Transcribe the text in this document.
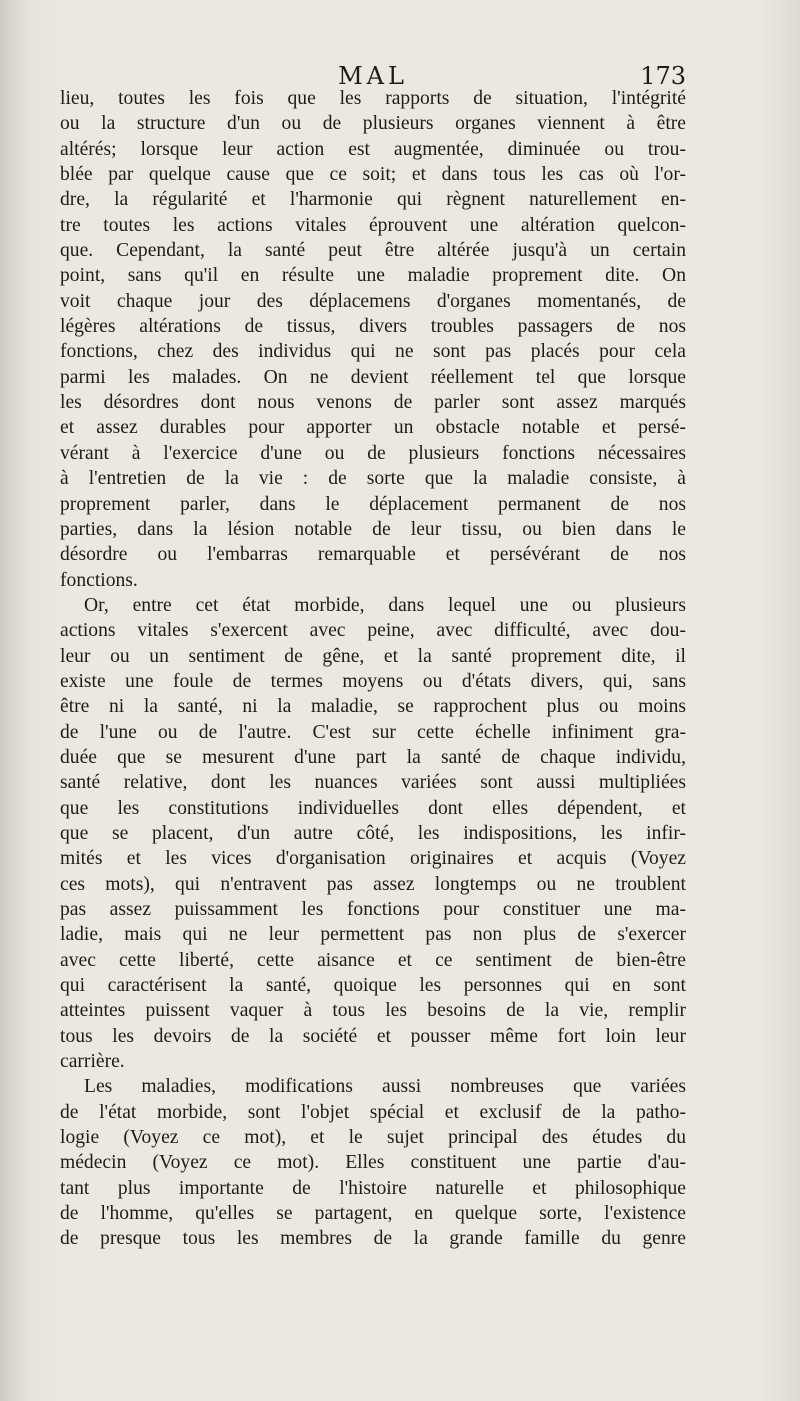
MAL	173
lieu, toutes les fois que les rapports de situation, l'intégrité
ou la structure d'un ou de plusieurs organes viennent à être
altérés; lorsque leur action est augmentée, diminuée ou trou-
blée par quelque cause que ce soit; et dans tous les cas où l'or-
dre, la régularité et l'harmonie qui règnent naturellement en-
tre toutes les actions vitales éprouvent une altération quelcon-
que. Cependant, la santé peut être altérée jusqu'à un certain
point, sans qu'il en résulte une maladie proprement dite. On
voit chaque jour des déplacemens d'organes momentanés, de
légères altérations de tissus, divers troubles passagers de nos
fonctions, chez des individus qui ne sont pas placés pour cela
parmi les malades. On ne devient réellement tel que lorsque
les désordres dont nous venons de parler sont assez marqués
et assez durables pour apporter un obstacle notable et persé-
vérant à l'exercice d'une ou de plusieurs fonctions nécessaires
à l'entretien de la vie : de sorte que la maladie consiste, à
proprement parler, dans le déplacement permanent de nos
parties, dans la lésion notable de leur tissu, ou bien dans le
désordre ou l'embarras remarquable et persévérant de nos
fonctions.
Or, entre cet état morbide, dans lequel une ou plusieurs
actions vitales s'exercent avec peine, avec difficulté, avec dou-
leur ou un sentiment de gêne, et la santé proprement dite, il
existe une foule de termes moyens ou d'états divers, qui, sans
être ni la santé, ni la maladie, se rapprochent plus ou moins
de l'une ou de l'autre. C'est sur cette échelle infiniment gra-
duée que se mesurent d'une part la santé de chaque individu,
santé relative, dont les nuances variées sont aussi multipliées
que les constitutions individuelles dont elles dépendent, et
que se placent, d'un autre côté, les indispositions, les infir-
mités et les vices d'organisation originaires et acquis (Voyez
ces mots), qui n'entravent pas assez longtemps ou ne troublent
pas assez puissamment les fonctions pour constituer une ma-
ladie, mais qui ne leur permettent pas non plus de s'exercer
avec cette liberté, cette aisance et ce sentiment de bien-être
qui caractérisent la santé, quoique les personnes qui en sont
atteintes puissent vaquer à tous les besoins de la vie, remplir
tous les devoirs de la société et pousser même fort loin leur
carrière.
Les maladies, modifications aussi nombreuses que variées
de l'état morbide, sont l'objet spécial et exclusif de la patho-
logie (Voyez ce mot), et le sujet principal des études du
médecin (Voyez ce mot). Elles constituent une partie d'au-
tant plus importante de l'histoire naturelle et philosophique
de l'homme, qu'elles se partagent, en quelque sorte, l'existence
de presque tous les membres de la grande famille du genre
